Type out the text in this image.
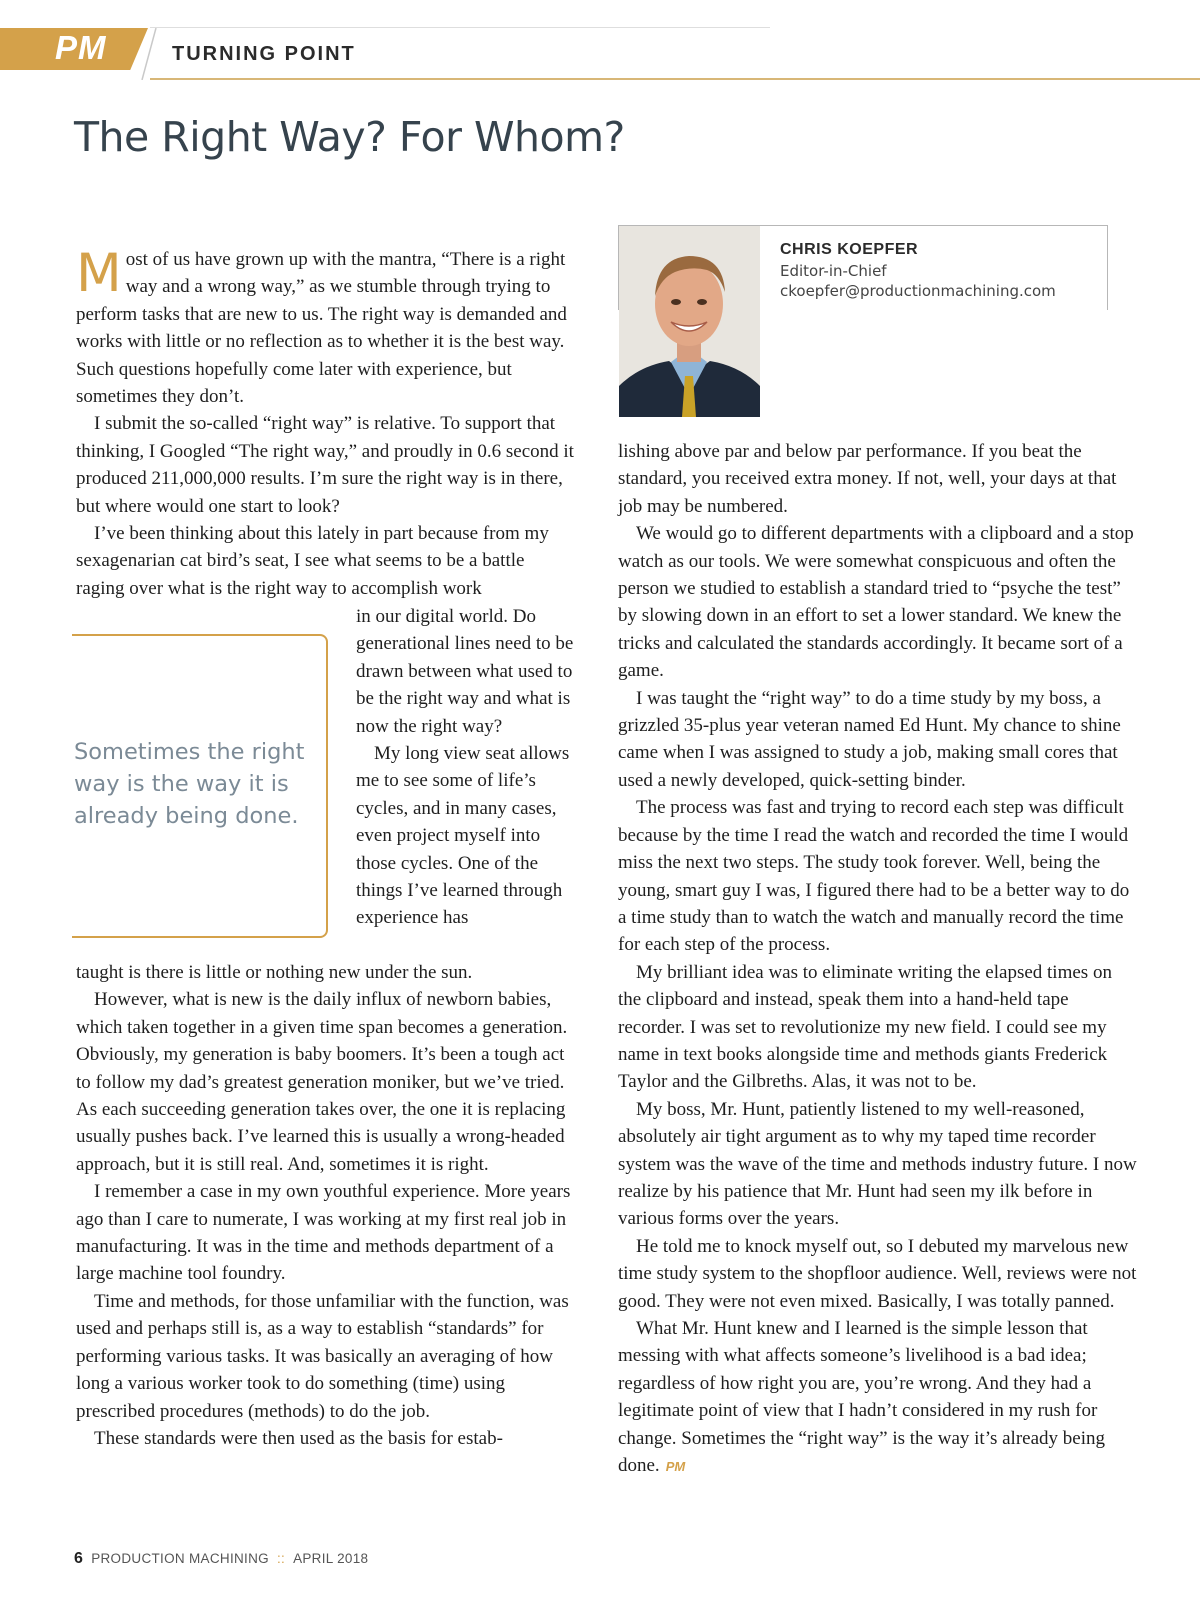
PM	TURNING POINT
The Right Way? For Whom?

Most of us have grown up with the mantra, “There is a right way and a wrong way,” as we stumble through trying to perform tasks that are new to us. The right way is demanded and works with little or no reflection as to whether it is the best way. Such questions hopefully come later with experience, but sometimes they don’t.

I submit the so-called “right way” is relative. To support that thinking, I Googled “The right way,” and proudly in 0.6 second it produced 211,000,000 results. I’m sure the right way is in there, but where would one start to look?

I’ve been thinking about this lately in part because from my sexagenarian cat bird’s seat, I see what seems to be a battle raging over what is the right way to accomplish work

Sometimes the right way is the way it is already being done.

in our digital world. Do generational lines need to be drawn between what used to be the right way and what is now the right way?

My long view seat allows me to see some of life’s cycles, and in many cases, even project myself into those cycles. One of the things I’ve learned through experience has

taught is there is little or nothing new under the sun.

However, what is new is the daily influx of newborn babies, which taken together in a given time span becomes a generation. Obviously, my generation is baby boomers. It’s been a tough act to follow my dad’s greatest generation moniker, but we’ve tried. As each succeeding generation takes over, the one it is replacing usually pushes back. I’ve learned this is usually a wrong-headed approach, but it is still real. And, sometimes it is right.

I remember a case in my own youthful experience. More years ago than I care to numerate, I was working at my first real job in manufacturing. It was in the time and methods department of a large machine tool foundry.

Time and methods, for those unfamiliar with the function, was used and perhaps still is, as a way to establish “standards” for performing various tasks. It was basically an averaging of how long a various worker took to do something (time) using prescribed procedures (methods) to do the job.

These standards were then used as the basis for estab-

CHRIS KOEPFER
Editor-in-Chief
ckoepfer@productionmachining.com

lishing above par and below par performance. If you beat the standard, you received extra money. If not, well, your days at that job may be numbered.

We would go to different departments with a clipboard and a stop watch as our tools. We were somewhat conspicuous and often the person we studied to establish a standard tried to “psyche the test” by slowing down in an effort to set a lower standard. We knew the tricks and calculated the standards accordingly. It became sort of a game.

I was taught the “right way” to do a time study by my boss, a grizzled 35-plus year veteran named Ed Hunt. My chance to shine came when I was assigned to study a job, making small cores that used a newly developed, quick-setting binder.

The process was fast and trying to record each step was difficult because by the time I read the watch and recorded the time I would miss the next two steps. The study took forever. Well, being the young, smart guy I was, I figured there had to be a better way to do a time study than to watch the watch and manually record the time for each step of the process.

My brilliant idea was to eliminate writing the elapsed times on the clipboard and instead, speak them into a hand-held tape recorder. I was set to revolutionize my new field. I could see my name in text books alongside time and methods giants Frederick Taylor and the Gilbreths. Alas, it was not to be.

My boss, Mr. Hunt, patiently listened to my well-reasoned, absolutely air tight argument as to why my taped time recorder system was the wave of the time and methods industry future. I now realize by his patience that Mr. Hunt had seen my ilk before in various forms over the years.

He told me to knock myself out, so I debuted my marvelous new time study system to the shopfloor audience. Well, reviews were not good. They were not even mixed. Basically, I was totally panned.

What Mr. Hunt knew and I learned is the simple lesson that messing with what affects someone’s livelihood is a bad idea; regardless of how right you are, you’re wrong. And they had a legitimate point of view that I hadn’t considered in my rush for change. Sometimes the “right way” is the way it’s already being done. PM

6 PRODUCTION MACHINING :: APRIL 2018
